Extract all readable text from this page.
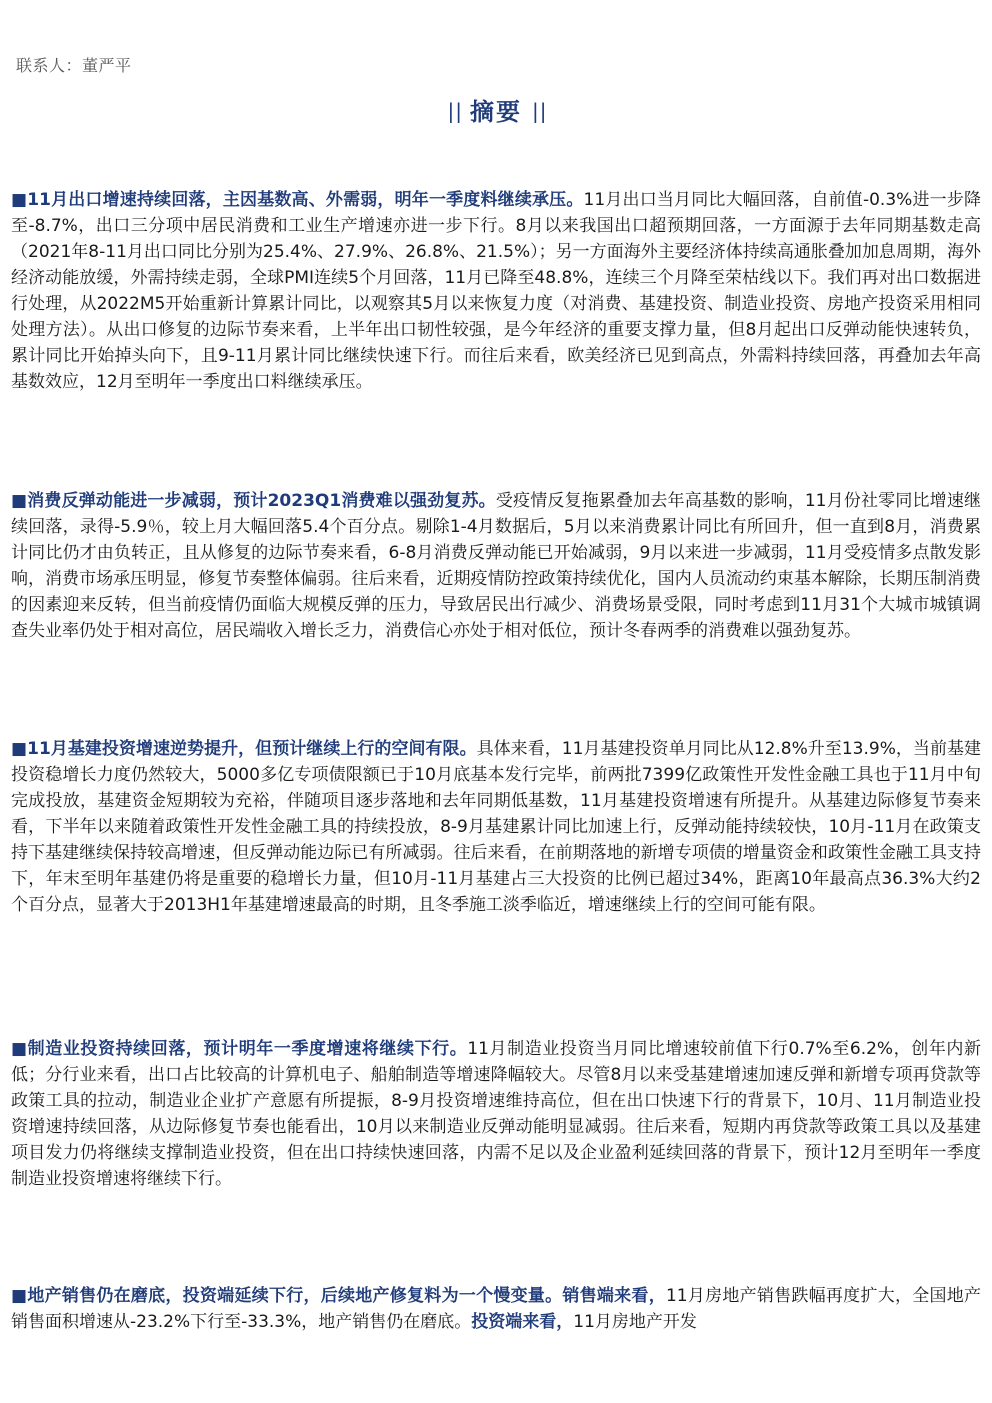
联系人：董严平
| | 摘要 | |

■11月出口增速持续回落，主因基数高、外需弱，明年一季度料继续承压。11月出口当月同比大幅回落，自前值-0.3%进一步降至-8.7%，出口三分项中居民消费和工业生产增速亦进一步下行。8月以来我国出口超预期回落，一方面源于去年同期基数走高（2021年8-11月出口同比分别为25.4%、27.9%、26.8%、21.5%）；另一方面海外主要经济体持续高通胀叠加加息周期，海外经济动能放缓，外需持续走弱，全球PMI连续5个月回落，11月已降至48.8%，连续三个月降至荣枯线以下。我们再对出口数据进行处理，从2022M5开始重新计算累计同比，以观察其5月以来恢复力度（对消费、基建投资、制造业投资、房地产投资采用相同处理方法）。从出口修复的边际节奏来看，上半年出口韧性较强，是今年经济的重要支撑力量，但8月起出口反弹动能快速转负，累计同比开始掉头向下，且9-11月累计同比继续快速下行。而往后来看，欧美经济已见到高点，外需料持续回落，再叠加去年高基数效应，12月至明年一季度出口料继续承压。

■消费反弹动能进一步减弱，预计2023Q1消费难以强劲复苏。受疫情反复拖累叠加去年高基数的影响，11月份社零同比增速继续回落，录得-5.9％，较上月大幅回落5.4个百分点。剔除1-4月数据后，5月以来消费累计同比有所回升，但一直到8月，消费累计同比仍才由负转正，且从修复的边际节奏来看，6-8月消费反弹动能已开始减弱，9月以来进一步减弱，11月受疫情多点散发影响，消费市场承压明显，修复节奏整体偏弱。往后来看，近期疫情防控政策持续优化，国内人员流动约束基本解除，长期压制消费的因素迎来反转，但当前疫情仍面临大规模反弹的压力，导致居民出行减少、消费场景受限，同时考虑到11月31个大城市城镇调查失业率仍处于相对高位，居民端收入增长乏力，消费信心亦处于相对低位，预计冬春两季的消费难以强劲复苏。

■11月基建投资增速逆势提升，但预计继续上行的空间有限。具体来看，11月基建投资单月同比从12.8%升至13.9%，当前基建投资稳增长力度仍然较大，5000多亿专项债限额已于10月底基本发行完毕，前两批7399亿政策性开发性金融工具也于11月中旬完成投放，基建资金短期较为充裕，伴随项目逐步落地和去年同期低基数，11月基建投资增速有所提升。从基建边际修复节奏来看，下半年以来随着政策性开发性金融工具的持续投放，8-9月基建累计同比加速上行，反弹动能持续较快，10月-11月在政策支持下基建继续保持较高增速，但反弹动能边际已有所减弱。往后来看，在前期落地的新增专项债的增量资金和政策性金融工具支持下，年末至明年基建仍将是重要的稳增长力量，但10月-11月基建占三大投资的比例已超过34%，距离10年最高点36.3%大约2个百分点，显著大于2013H1年基建增速最高的时期，且冬季施工淡季临近，增速继续上行的空间可能有限。

■制造业投资持续回落，预计明年一季度增速将继续下行。11月制造业投资当月同比增速较前值下行0.7%至6.2%，创年内新低；分行业来看，出口占比较高的计算机电子、船舶制造等增速降幅较大。尽管8月以来受基建增速加速反弹和新增专项再贷款等政策工具的拉动，制造业企业扩产意愿有所提振，8-9月投资增速维持高位，但在出口快速下行的背景下，10月、11月制造业投资增速持续回落，从边际修复节奏也能看出，10月以来制造业反弹动能明显减弱。往后来看，短期内再贷款等政策工具以及基建项目发力仍将继续支撑制造业投资，但在出口持续快速回落，内需不足以及企业盈利延续回落的背景下，预计12月至明年一季度制造业投资增速将继续下行。

■地产销售仍在磨底，投资端延续下行，后续地产修复料为一个慢变量。销售端来看，11月房地产销售跌幅再度扩大，全国地产销售面积增速从-23.2%下行至-33.3%，地产销售仍在磨底。投资端来看，11月房地产开发
